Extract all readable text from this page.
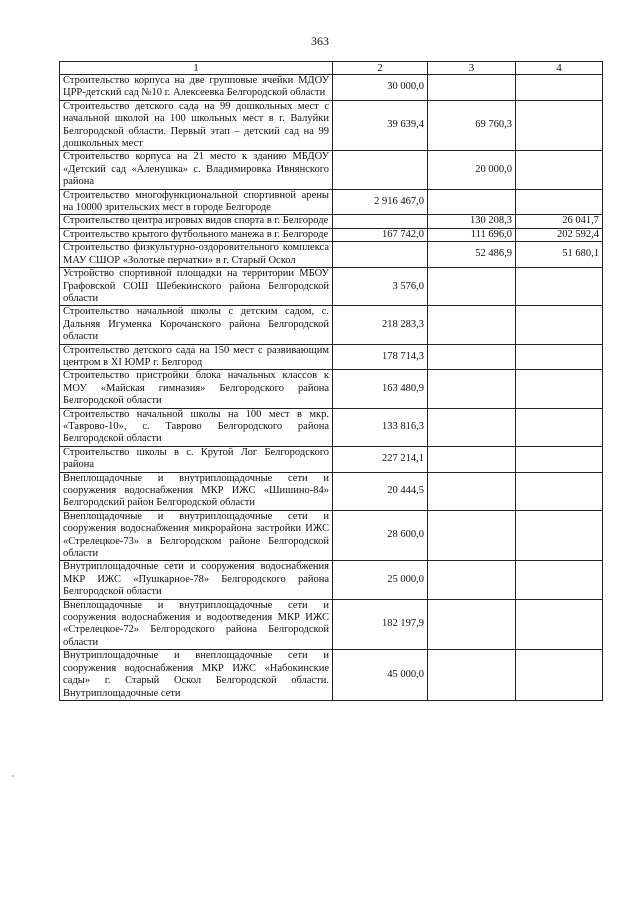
363
1	2	3	4
Строительство корпуса на две групповые ячейки МДОУ ЦРР-детский сад №10 г. Алексеевка Белгородской области	30 000,0		
Строительство детского сада на 99 дошкольных мест с начальной школой на 100 школьных мест в г. Валуйки Белгородской области. Первый этап – детский сад на 99 дошкольных мест	39 639,4	69 760,3	
Строительство корпуса на 21 место к зданию МБДОУ «Детский сад «Аленушка» с. Владимировка Ивнянского района		20 000,0	
Строительство многофункциональной спортивной арены на 10000 зрительских мест в городе Белгороде	2 916 467,0		
Строительство центра игровых видов спорта в г. Белгороде		130 208,3	26 041,7
Строительство крытого футбольного манежа в г. Белгороде	167 742,0	111 696,0	202 592,4
Строительство физкультурно-оздоровительного комплекса МАУ СШОР «Золотые перчатки» в г. Старый Оскол		52 486,9	51 680,1
Устройство спортивной площадки на территории МБОУ Графовской СОШ Шебекинского района Белгородской области	3 576,0		
Строительство начальной школы с детским садом, с. Дальняя Игуменка Корочанского района Белгородской области	218 283,3		
Строительство детского сада на 150 мест с развивающим центром в XI ЮМР г. Белгород	178 714,3		
Строительство пристройки блока начальных классов к МОУ «Майская гимназия» Белгородского района Белгородской области	163 480,9		
Строительство начальной школы на 100 мест в мкр. «Таврово-10», с. Таврово Белгородского района Белгородской области	133 816,3		
Строительство школы в с. Крутой Лог Белгородского района	227 214,1		
Внеплощадочные и внутриплощадочные сети и сооружения водоснабжения МКР ИЖС «Шишино-84» Белгородский район Белгородской области	20 444,5		
Внеплощадочные и внутриплощадочные сети и сооружения водоснабжения микрорайона застройки ИЖС «Стрелецкое-73» в Белгородском районе Белгородской области	28 600,0		
Внутриплощадочные сети и сооружения водоснабжения МКР ИЖС «Пушкарное-78» Белгородского района Белгородской области	25 000,0		
Внеплощадочные и внутриплощадочные сети и сооружения водоснабжения и водоотведения МКР ИЖС «Стрелецкое-72» Белгородского района Белгородской области	182 197,9		
Внутриплощадочные и внеплощадочные сети и сооружения водоснабжения МКР ИЖС «Набокинские сады» г. Старый Оскол Белгородской области. Внутриплощадочные сети	45 000,0		
